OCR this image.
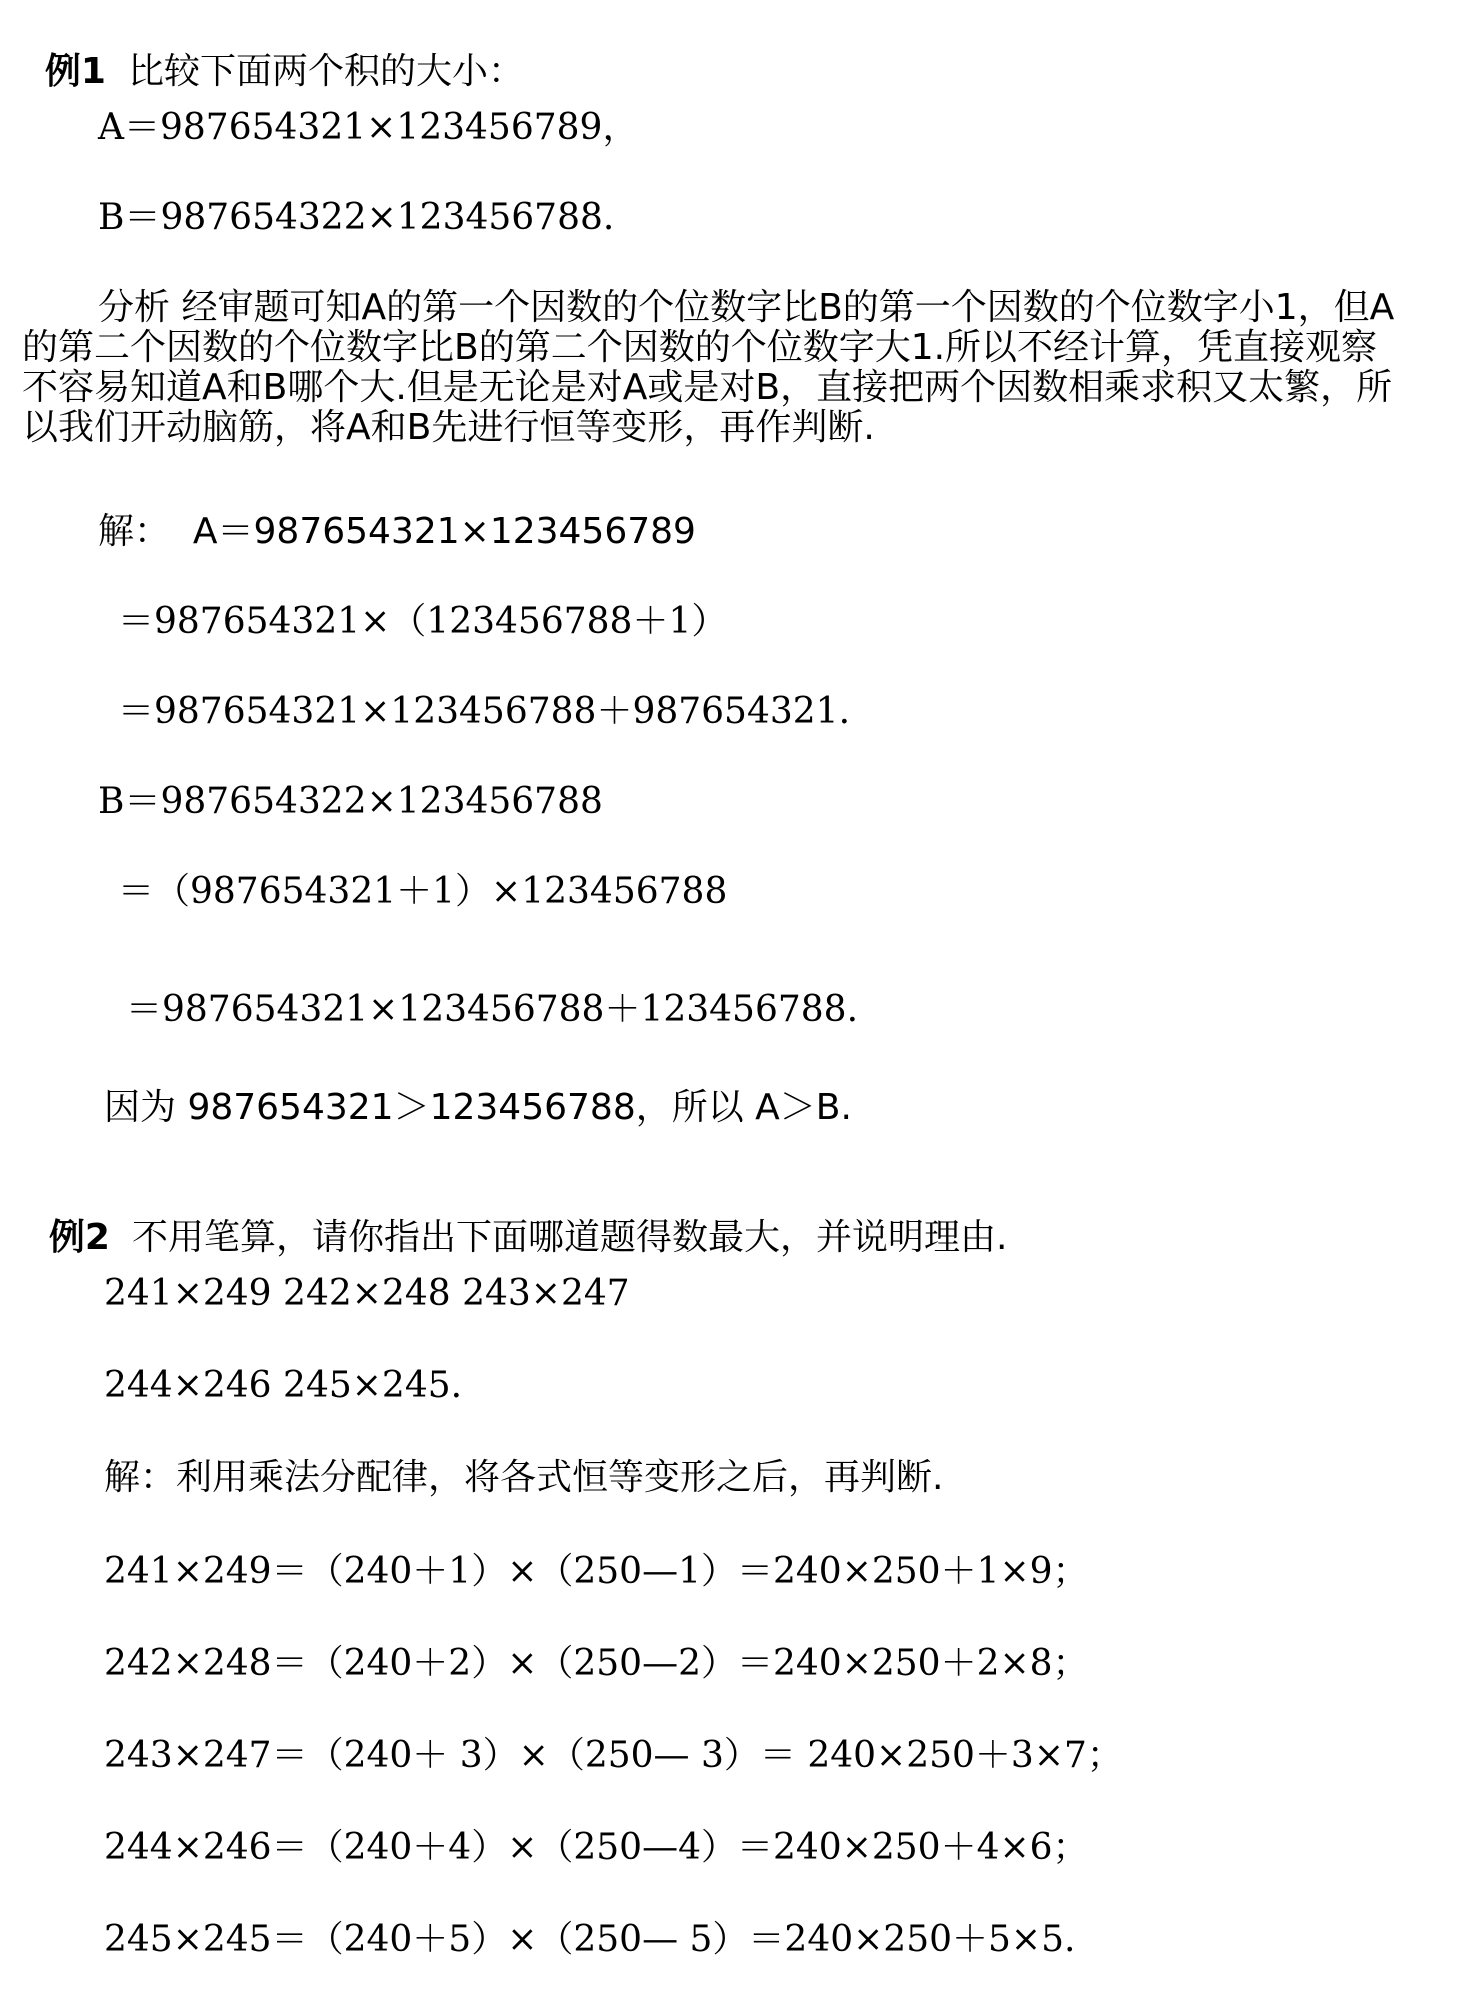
例1 比较下面两个积的大小：

A＝987654321×123456789，
B＝987654322×123456788.

分析 经审题可知A的第一个因数的个位数字比B的第一个因数的个位数字小1，但A的第二个因数的个位数字比B的第二个因数的个位数字大1.所以不经计算，凭直接观察不容易知道A和B哪个大.但是无论是对A或是对B，直接把两个因数相乘求积又太繁，所以我们开动脑筋，将A和B先进行恒等变形，再作判断.

解：  A＝987654321×123456789
＝987654321×（123456788＋1）
＝987654321×123456788＋987654321.
B＝987654322×123456788
＝（987654321＋1）×123456788
＝987654321×123456788＋123456788.
因为 987654321＞123456788，所以 A＞B.

例2 不用笔算，请你指出下面哪道题得数最大，并说明理由.

241×249 242×248 243×247
244×246 245×245.
解：利用乘法分配律，将各式恒等变形之后，再判断.
241×249＝（240＋1）×（250—1）＝240×250＋1×9；
242×248＝（240＋2）×（250—2）＝240×250＋2×8；
243×247＝（240＋ 3）×（250— 3）＝ 240×250＋3×7；
244×246＝（240＋4）×（250—4）＝240×250＋4×6；
245×245＝（240＋5）×（250— 5）＝240×250＋5×5.
